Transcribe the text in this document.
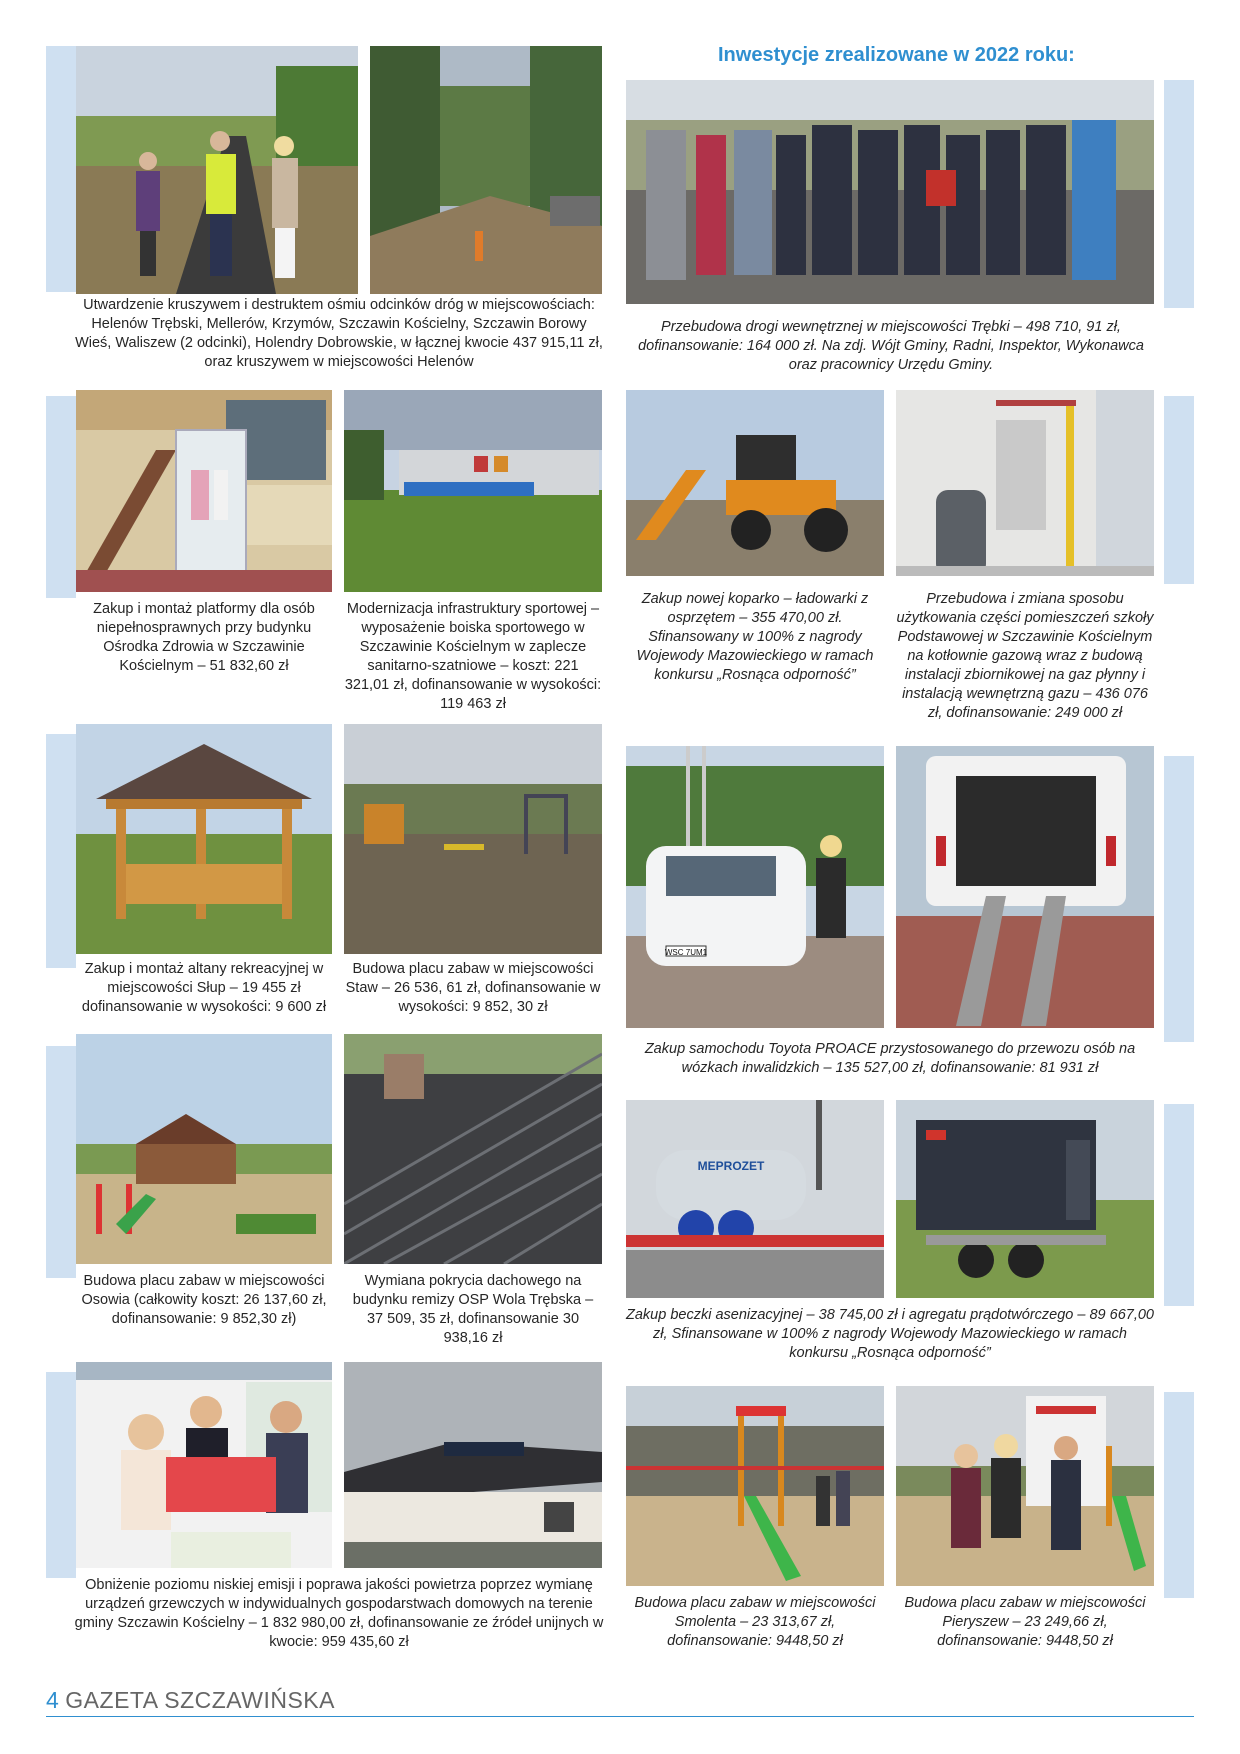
Inwestycje zrealizowane w 2022 roku:
Utwardzenie kruszywem i destruktem ośmiu odcinków dróg w miejscowościach: Helenów Trębski, Mellerów, Krzymów, Szczawin Kościelny, Szczawin Borowy Wieś, Waliszew (2 odcinki), Holendry Dobrowskie, w łącznej kwocie 437 915,11 zł, oraz kruszywem w miejscowości Helenów
Przebudowa drogi wewnętrznej w miejscowości Trębki – 498 710, 91 zł, dofinansowanie: 164 000 zł. Na zdj. Wójt Gminy, Radni, Inspektor, Wykonawca oraz pracownicy Urzędu Gminy.
Zakup i montaż platformy dla osób niepełnosprawnych przy budynku Ośrodka Zdrowia w Szczawinie Kościelnym – 51 832,60 zł
Modernizacja infrastruktury sportowej – wyposażenie boiska sportowego w Szczawinie Kościelnym w zaplecze sanitarno-szatniowe – koszt: 221 321,01 zł, dofinansowanie w wysokości: 119 463 zł
Zakup nowej koparko – ładowarki z osprzętem – 355 470,00 zł. Sfinansowany w 100% z nagrody Wojewody Mazowieckiego w ramach konkursu „Rosnąca odporność”
Przebudowa i zmiana sposobu użytkowania części pomieszczeń szkoły Podstawowej w Szczawinie Kościelnym na kotłownie gazową wraz z budową instalacji zbiornikowej na gaz płynny i instalacją wewnętrzną gazu – 436 076 zł, dofinansowanie: 249 000 zł
Zakup i montaż altany rekreacyjnej w miejscowości Słup – 19 455 zł dofinansowanie w wysokości: 9 600 zł
Budowa placu zabaw w miejscowości Staw – 26 536, 61 zł, dofinansowanie w wysokości: 9 852, 30 zł
WSC 7UM1
Zakup samochodu Toyota PROACE przystosowanego do przewozu osób na wózkach inwalidzkich – 135 527,00 zł, dofinansowanie: 81 931 zł
Budowa placu zabaw w miejscowości Osowia (całkowity koszt: 26 137,60 zł, dofinansowanie: 9 852,30 zł)
Wymiana pokrycia dachowego na budynku remizy OSP Wola Trębska – 37 509, 35 zł, dofinansowanie 30 938,16 zł
MEPROZET
Zakup beczki asenizacyjnej – 38 745,00 zł i agregatu prądotwórczego – 89 667,00 zł, Sfinansowane w 100% z nagrody Wojewody Mazowieckiego w ramach konkursu „Rosnąca odporność”
Obniżenie poziomu niskiej emisji i poprawa jakości powietrza poprzez wymianę urządzeń grzewczych w indywidualnych gospodarstwach domowych na terenie gminy Szczawin Kościelny – 1 832 980,00 zł, dofinansowanie ze źródeł unijnych w kwocie: 959 435,60 zł
Budowa placu zabaw w miejscowości Smolenta – 23 313,67 zł, dofinansowanie: 9448,50 zł
Budowa placu zabaw w miejscowości Pieryszew – 23 249,66 zł, dofinansowanie: 9448,50 zł
4 GAZETA SZCZAWIŃSKA
